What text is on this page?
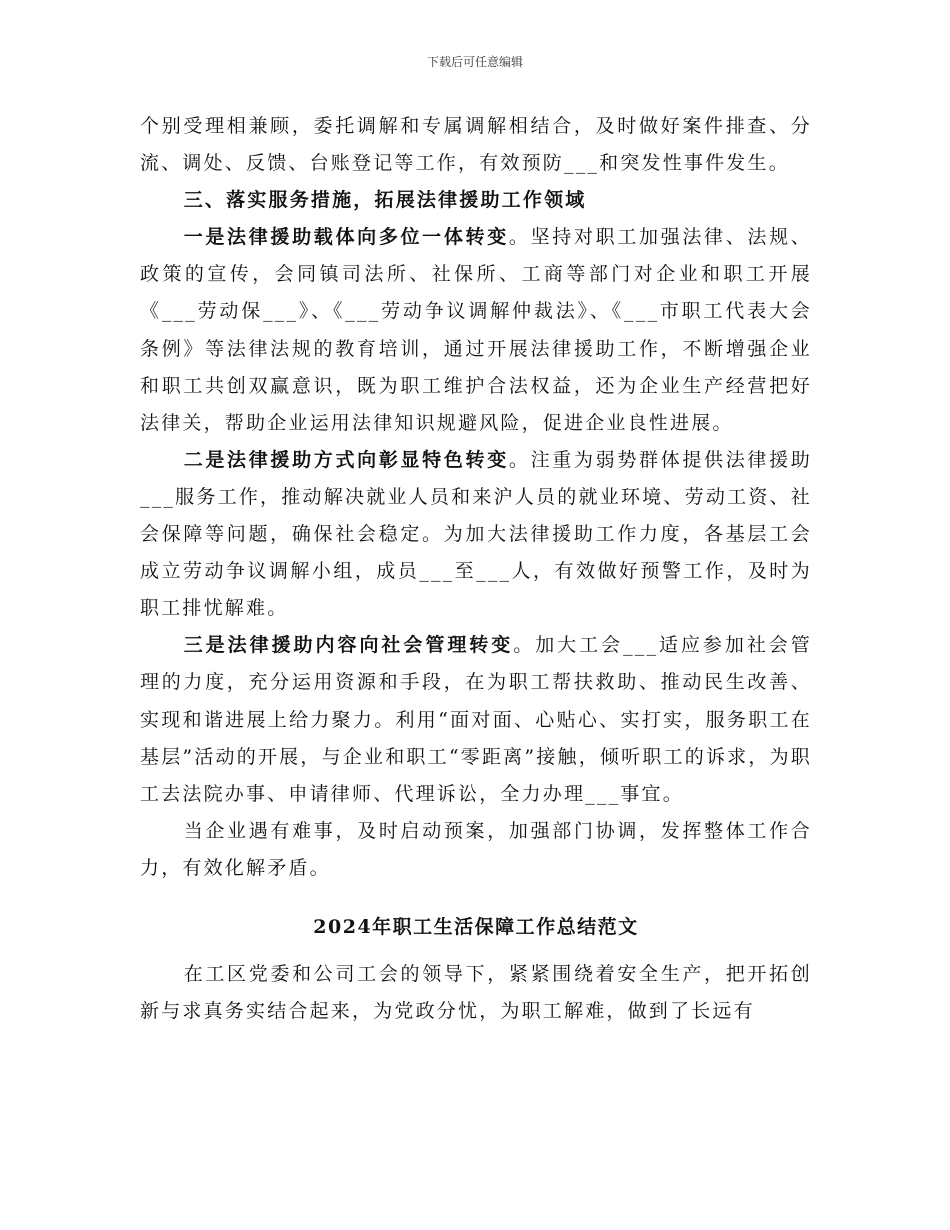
下载后可任意编辑

个别受理相兼顾，委托调解和专属调解相结合，及时做好案件排查、分流、调处、反馈、台账登记等工作，有效预防___和突发性事件发生。

三、落实服务措施，拓展法律援助工作领域

一是法律援助载体向多位一体转变。坚持对职工加强法律、法规、政策的宣传，会同镇司法所、社保所、工商等部门对企业和职工开展《___劳动保___》、《___劳动争议调解仲裁法》、《___市职工代表大会条例》等法律法规的教育培训，通过开展法律援助工作，不断增强企业和职工共创双赢意识，既为职工维护合法权益，还为企业生产经营把好法律关，帮助企业运用法律知识规避风险，促进企业良性进展。

二是法律援助方式向彰显特色转变。注重为弱势群体提供法律援助___服务工作，推动解决就业人员和来沪人员的就业环境、劳动工资、社会保障等问题，确保社会稳定。为加大法律援助工作力度，各基层工会成立劳动争议调解小组，成员___至___人，有效做好预警工作，及时为职工排忧解难。

三是法律援助内容向社会管理转变。加大工会___适应参加社会管理的力度，充分运用资源和手段，在为职工帮扶救助、推动民生改善、实现和谐进展上给力聚力。利用“面对面、心贴心、实打实，服务职工在基层”活动的开展，与企业和职工“零距离”接触，倾听职工的诉求，为职工去法院办事、申请律师、代理诉讼，全力办理___事宜。

当企业遇有难事，及时启动预案，加强部门协调，发挥整体工作合力，有效化解矛盾。

2024年职工生活保障工作总结范文

在工区党委和公司工会的领导下，紧紧围绕着安全生产，把开拓创新与求真务实结合起来，为党政分忧，为职工解难，做到了长远有
